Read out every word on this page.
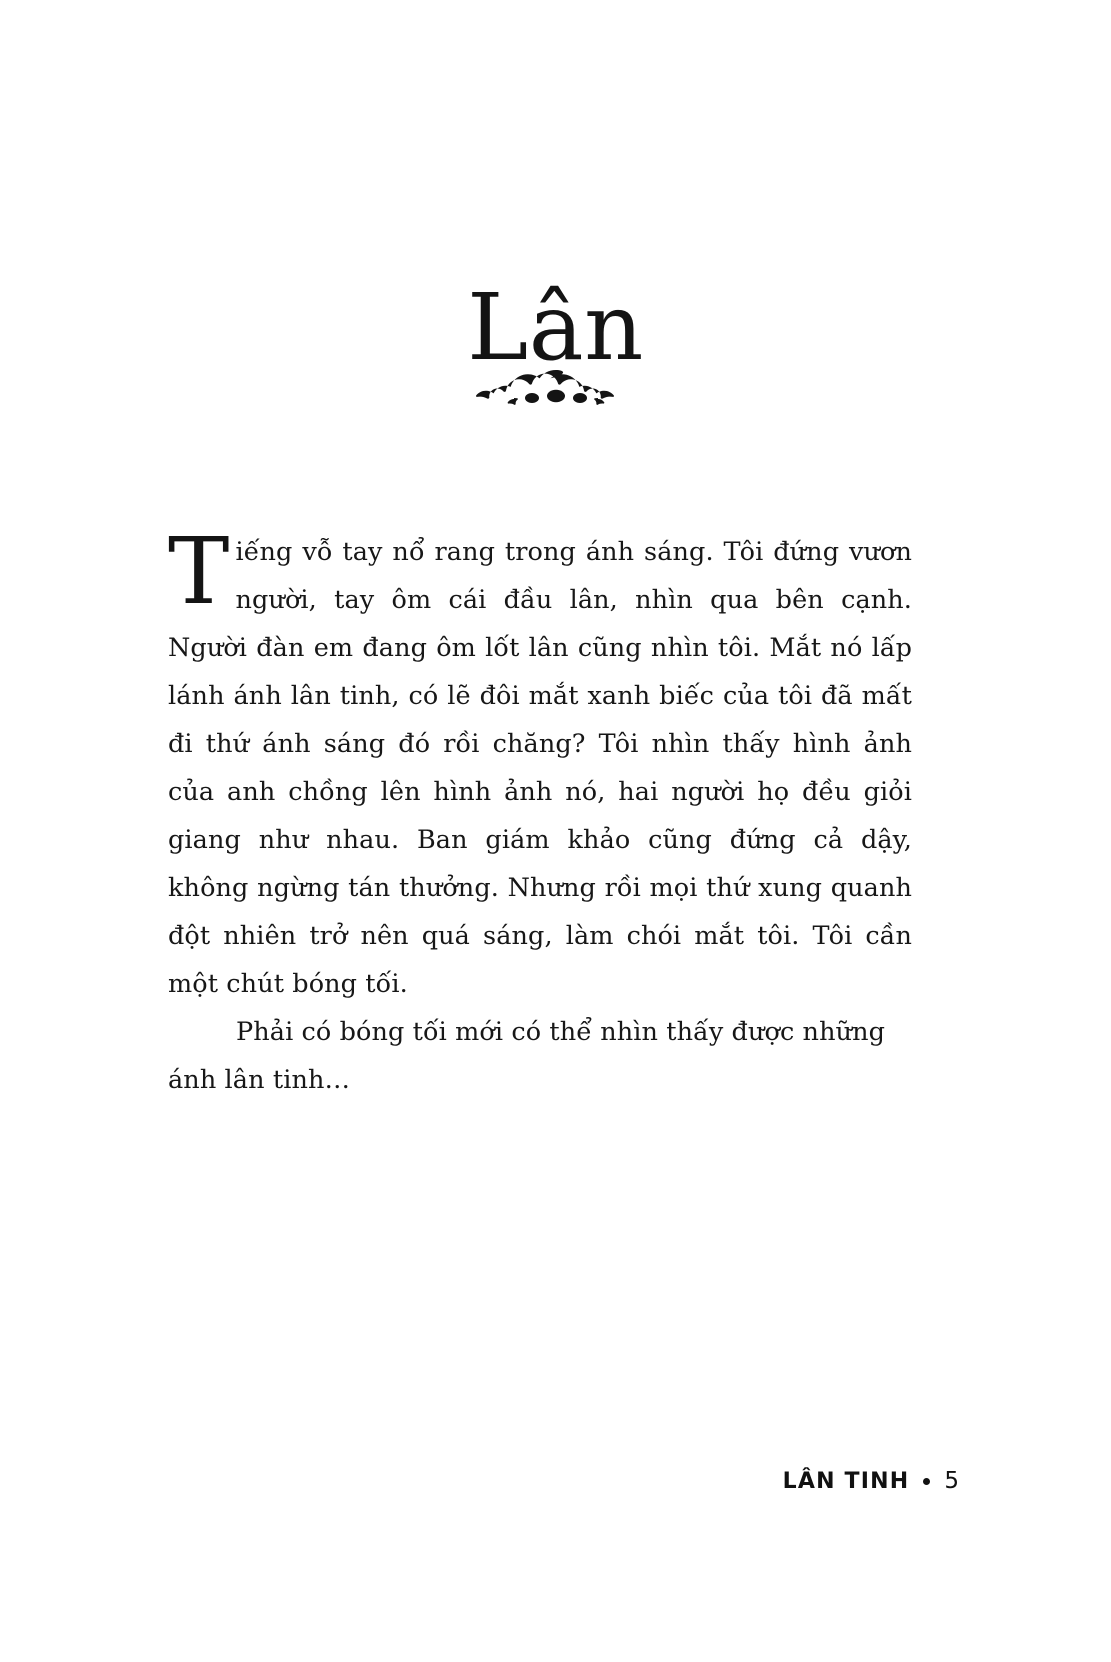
Lân

Tiếng vỗ tay nổ rang trong ánh sáng. Tôi đứng vươn người, tay ôm cái đầu lân, nhìn qua bên cạnh. Người đàn em đang ôm lốt lân cũng nhìn tôi. Mắt nó lấp lánh ánh lân tinh, có lẽ đôi mắt xanh biếc của tôi đã mất đi thứ ánh sáng đó rồi chăng? Tôi nhìn thấy hình ảnh của anh chồng lên hình ảnh nó, hai người họ đều giỏi giang như nhau. Ban giám khảo cũng đứng cả dậy, không ngừng tán thưởng. Nhưng rồi mọi thứ xung quanh đột nhiên trở nên quá sáng, làm chói mắt tôi. Tôi cần một chút bóng tối.

Phải có bóng tối mới có thể nhìn thấy được những ánh lân tinh…

LÂN TINH 5
